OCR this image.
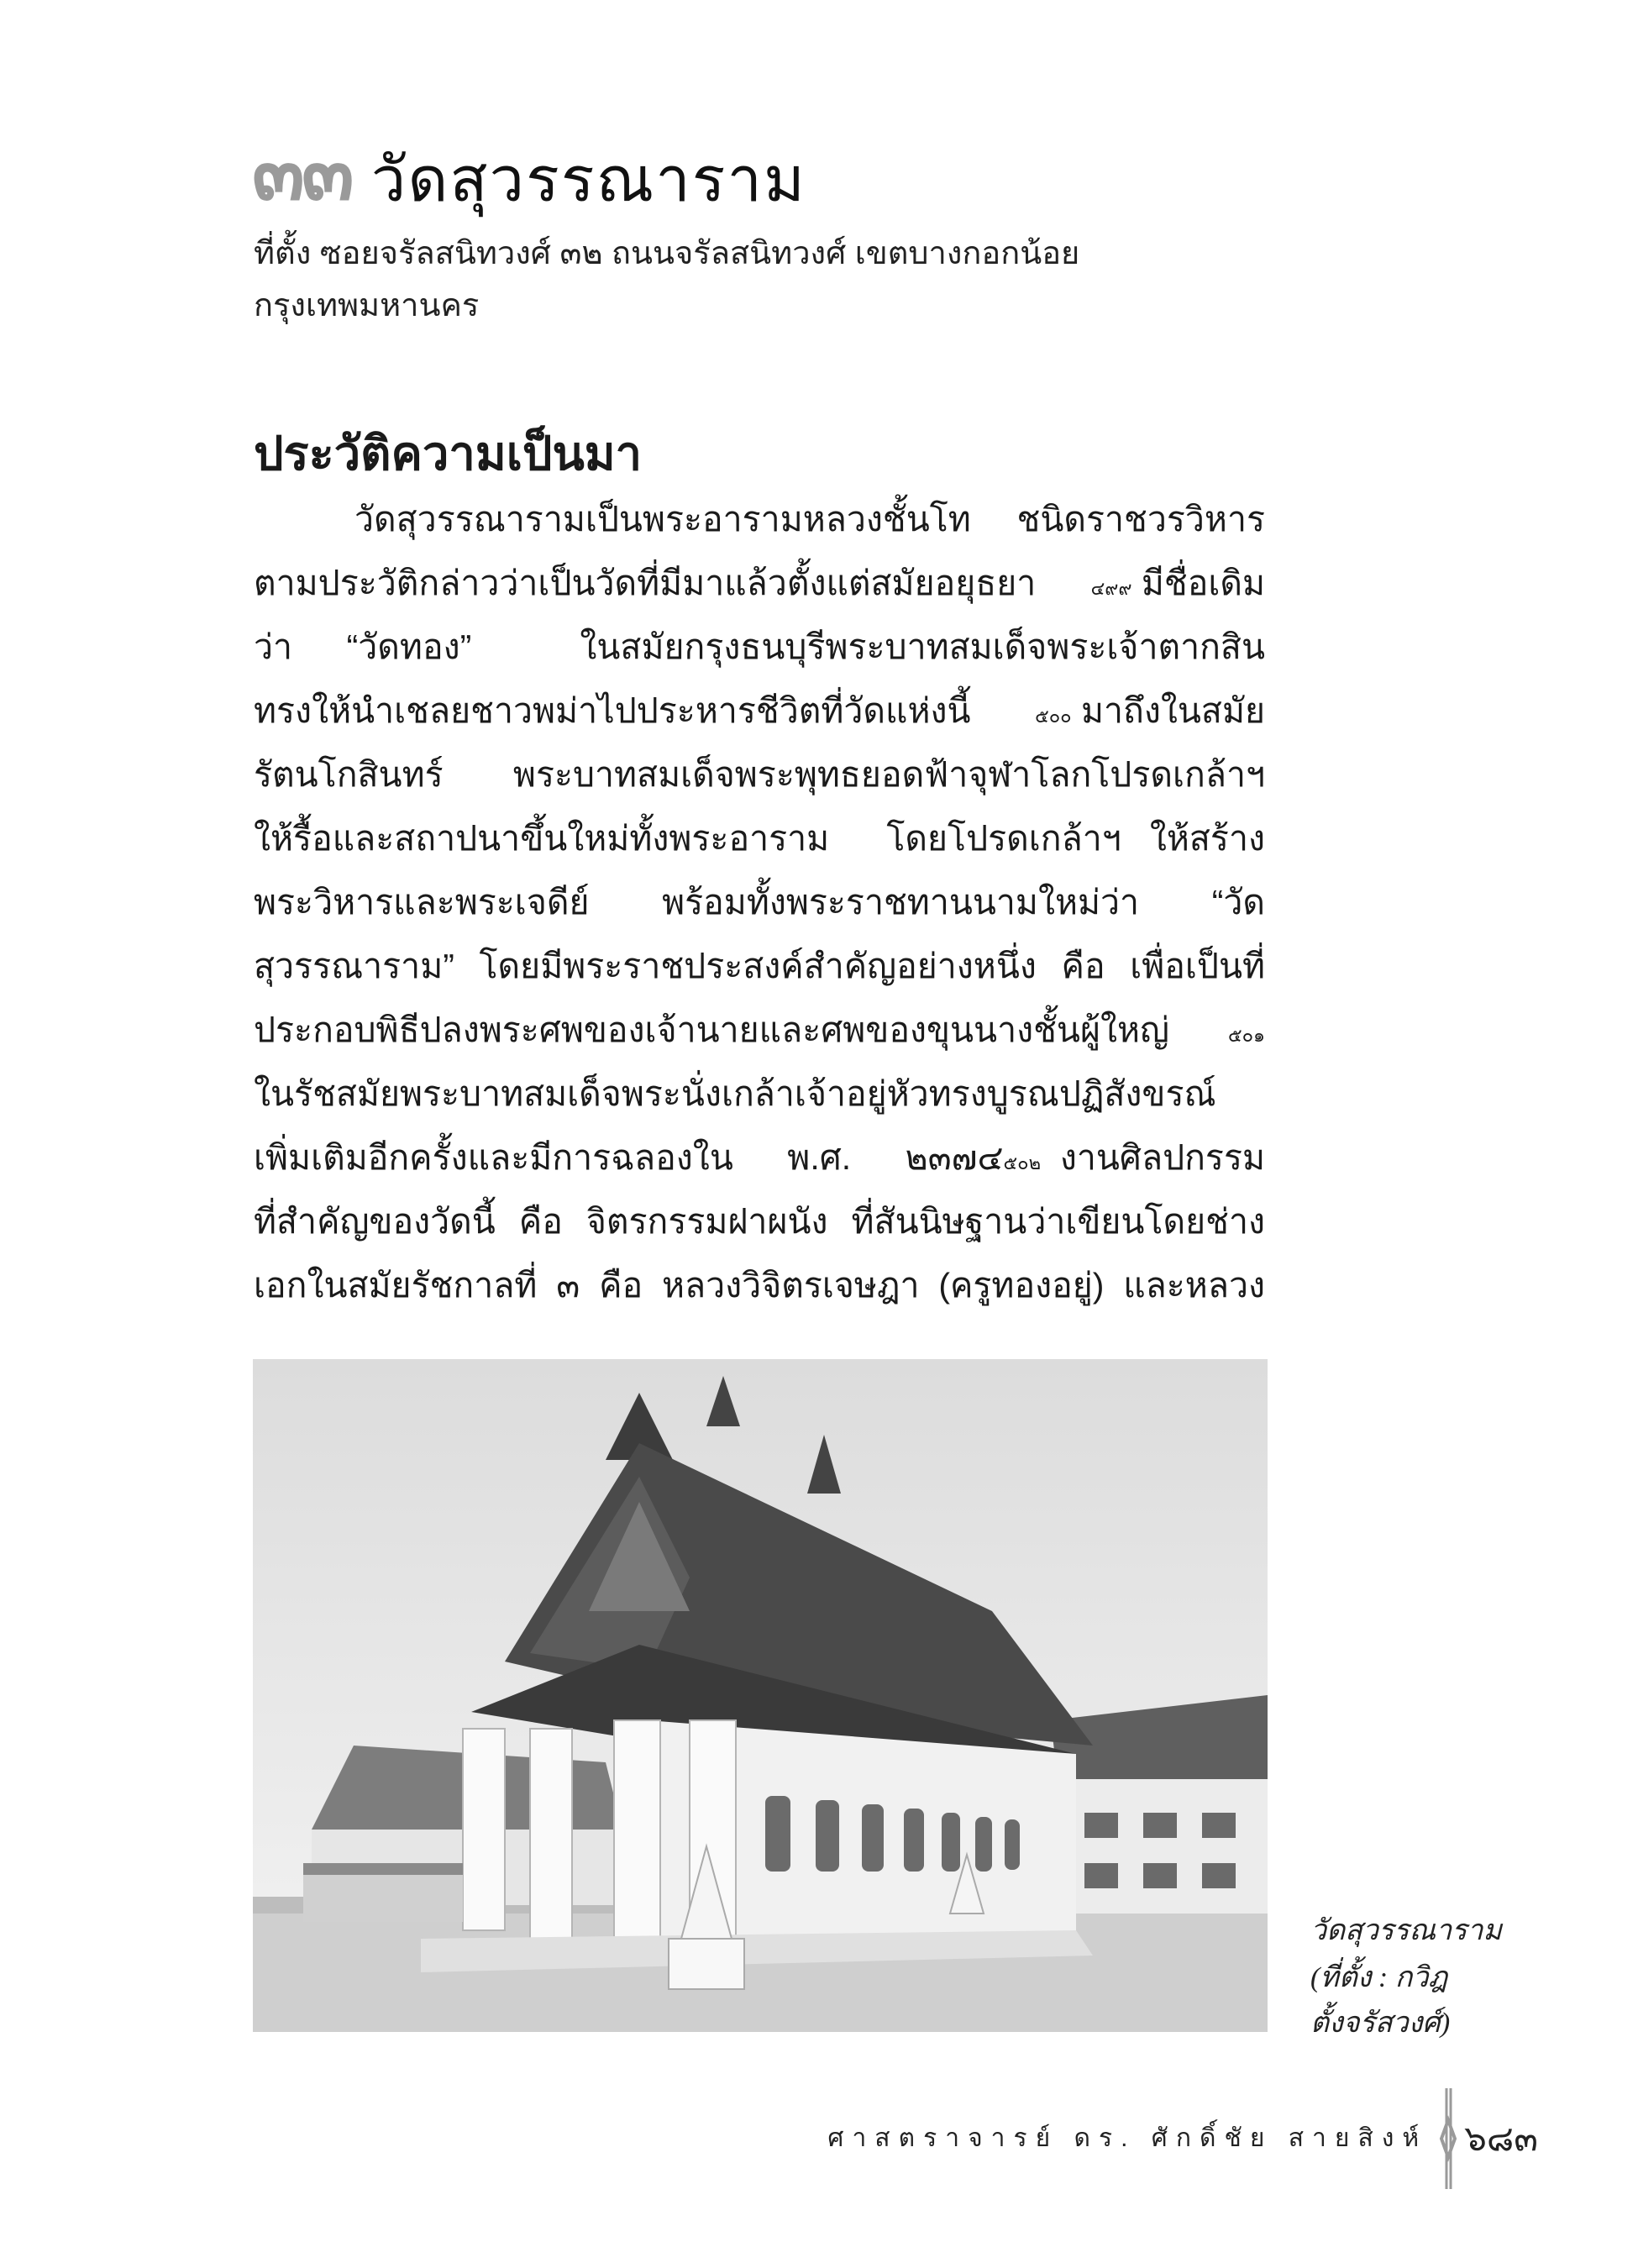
๓๓ วัดสุวรรณาราม
ที่ตั้ง ซอยจรัลสนิทวงศ์ ๓๒ ถนนจรัลสนิทวงศ์ เขตบางกอกน้อย
กรุงเทพมหานคร
ประวัติความเป็นมา
วัดสุวรรณารามเป็นพระอารามหลวงชั้นโท ชนิดราชวรวิหาร
ตามประวัติกล่าวว่าเป็นวัดที่มีมาแล้วตั้งแต่สมัยอยุธยา	๔๙๙ มีชื่อเดิม
ว่า “วัดทอง”  ในสมัยกรุงธนบุรีพระบาทสมเด็จพระเจ้าตากสิน
ทรงให้นำเชลยชาวพม่าไปประหารชีวิตที่วัดแห่งนี้	๕๐๐ มาถึงในสมัย
รัตนโกสินทร์ พระบาทสมเด็จพระพุทธยอดฟ้าจุฬาโลกโปรดเกล้าฯ
ให้รื้อและสถาปนาขึ้นใหม่ทั้งพระอาราม  โดยโปรดเกล้าฯ ให้สร้าง
พระวิหารและพระเจดีย์ พร้อมทั้งพระราชทานนามใหม่ว่า “วัด
สุวรรณาราม” โดยมีพระราชประสงค์สำคัญอย่างหนึ่ง คือ เพื่อเป็นที่
ประกอบพิธีปลงพระศพของเจ้านายและศพของขุนนางชั้นผู้ใหญ่	๕๐๑
ในรัชสมัยพระบาทสมเด็จพระนั่งเกล้าเจ้าอยู่หัวทรงบูรณปฏิสังขรณ์
เพิ่มเติมอีกครั้งและมีการฉลองใน พ.ศ. ๒๓๗๔ ๕๐๒ งานศิลปกรรม
ที่สำคัญของวัดนี้ คือ จิตรกรรมฝาผนัง ที่สันนิษฐานว่าเขียนโดยช่าง
เอกในสมัยรัชกาลที่ ๓ คือ หลวงวิจิตรเจษฎา (ครูทองอยู่) และหลวง
วัดสุวรรณาราม
(ที่ตั้ง : กวิฎ
ตั้งจรัสวงศ์)
ศาสตราจารย์ ดร. ศักดิ์ชัย สายสิงห์ ๖๘๓
